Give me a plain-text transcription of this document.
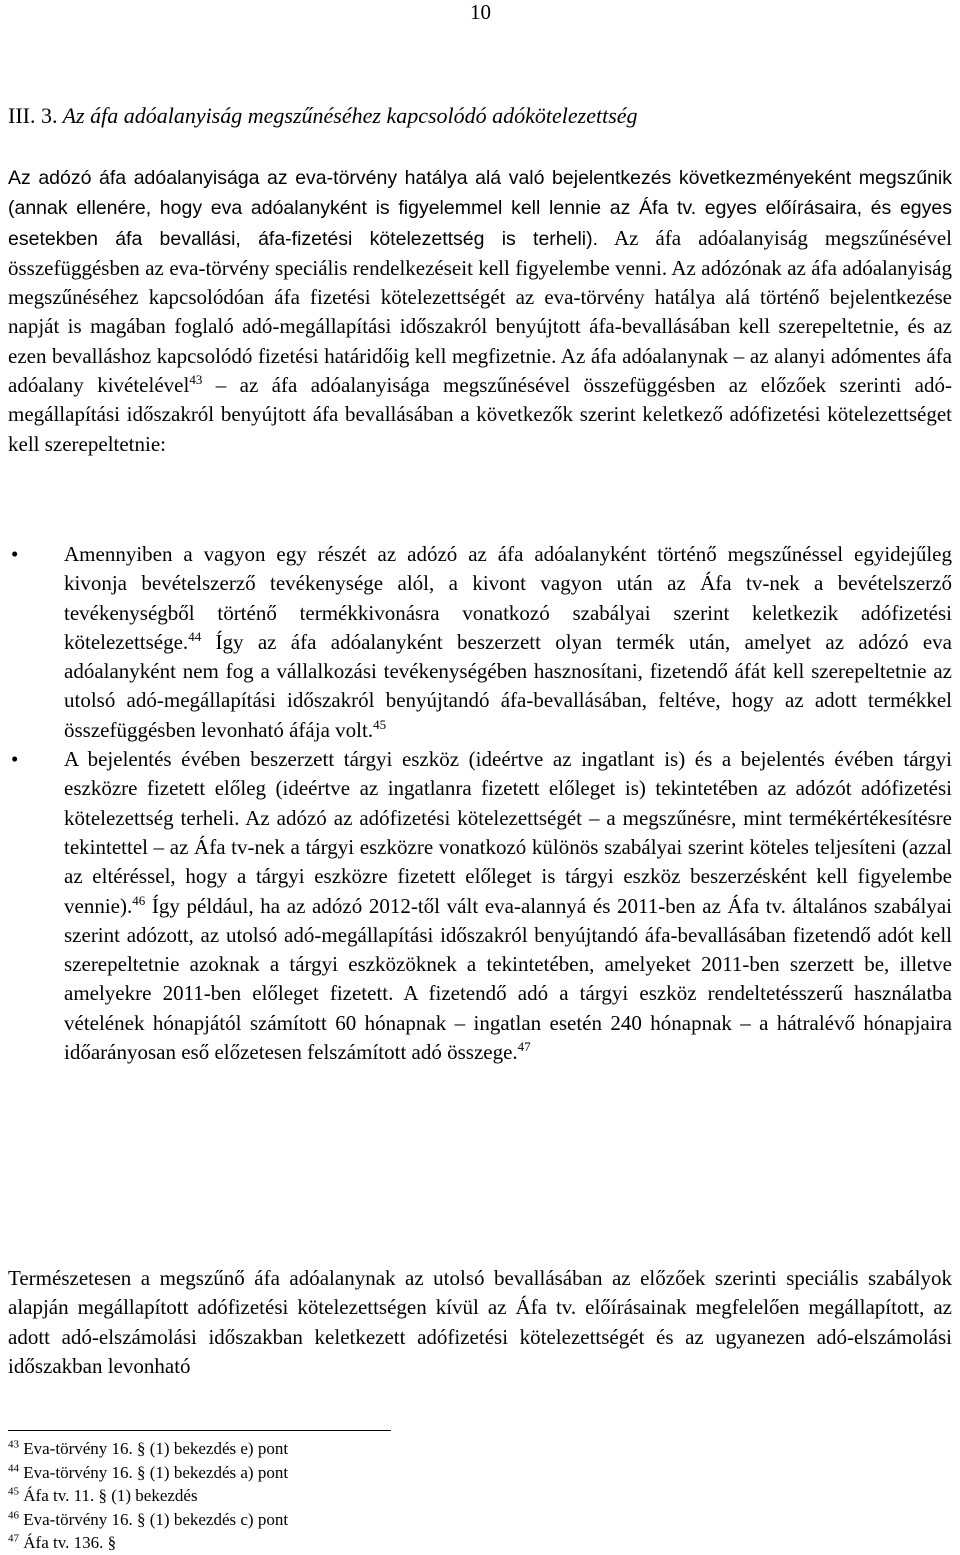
10
III. 3. Az áfa adóalanyiság megszűnéséhez kapcsolódó adókötelezettség
Az adózó áfa adóalanyisága az eva-törvény hatálya alá való bejelentkezés következményeként megszűnik (annak ellenére, hogy eva adóalanyként is figyelemmel kell lennie az Áfa tv. egyes előírásaira, és egyes esetekben áfa bevallási, áfa-fizetési kötelezettség is terheli). Az áfa adóalanyiság megszűnésével összefüggésben az eva-törvény speciális rendelkezéseit kell figyelembe venni. Az adózónak az áfa adóalanyiság megszűnéséhez kapcsolódóan áfa fizetési kötelezettségét az eva-törvény hatálya alá történő bejelentkezése napját is magában foglaló adó-megállapítási időszakról benyújtott áfa-bevallásában kell szerepeltetnie, és az ezen bevalláshoz kapcsolódó fizetési határidőig kell megfizetnie. Az áfa adóalanynak – az alanyi adómentes áfa adóalany kivételével$^{43}$ – az áfa adóalanyisága megszűnésével összefüggésben az előzőek szerinti adó-megállapítási időszakról benyújtott áfa bevallásában a következők szerint keletkező adófizetési kötelezettséget kell szerepeltetnie:
• Amennyiben a vagyon egy részét az adózó az áfa adóalanyként történő megszűnéssel egyidejűleg kivonja bevételszerző tevékenysége alól, a kivont vagyon után az Áfa tv-nek a bevételszerző tevékenységből történő termékkivonásra vonatkozó szabályai szerint keletkezik adófizetési kötelezettsége.$^{44}$ Így az áfa adóalanyként beszerzett olyan termék után, amelyet az adózó eva adóalanyként nem fog a vállalkozási tevékenységében hasznosítani, fizetendő áfát kell szerepeltetnie az utolsó adó-megállapítási időszakról benyújtandó áfa-bevallásában, feltéve, hogy az adott termékkel összefüggésben levonható áfája volt.$^{45}$
• A bejelentés évében beszerzett tárgyi eszköz (ideértve az ingatlant is) és a bejelentés évében tárgyi eszközre fizetett előleg (ideértve az ingatlanra fizetett előleget is) tekintetében az adózót adófizetési kötelezettség terheli. Az adózó az adófizetési kötelezettségét – a megszűnésre, mint termékértékesítésre tekintettel – az Áfa tv-nek a tárgyi eszközre vonatkozó különös szabályai szerint köteles teljesíteni (azzal az eltéréssel, hogy a tárgyi eszközre fizetett előleget is tárgyi eszköz beszerzésként kell figyelembe vennie).$^{46}$ Így például, ha az adózó 2012-től vált eva-alannyá és 2011-ben az Áfa tv. általános szabályai szerint adózott, az utolsó adó-megállapítási időszakról benyújtandó áfa-bevallásában fizetendő adót kell szerepeltetnie azoknak a tárgyi eszközöknek a tekintetében, amelyeket 2011-ben szerzett be, illetve amelyekre 2011-ben előleget fizetett. A fizetendő adó a tárgyi eszköz rendeltetésszerű használatba vételének hónapjától számított 60 hónapnak – ingatlan esetén 240 hónapnak – a hátralévő hónapjaira időarányosan eső előzetesen felszámított adó összege.$^{47}$
Természetesen a megszűnő áfa adóalanynak az utolsó bevallásában az előzőek szerinti speciális szabályok alapján megállapított adófizetési kötelezettségen kívül az Áfa tv. előírásainak megfelelően megállapított, az adott adó-elszámolási időszakban keletkezett adófizetési kötelezettségét és az ugyanezen adó-elszámolási időszakban levonható
$^{43}$ Eva-törvény 16. § (1) bekezdés e) pont
$^{44}$ Eva-törvény 16. § (1) bekezdés a) pont
$^{45}$ Áfa tv. 11. § (1) bekezdés
$^{46}$ Eva-törvény 16. § (1) bekezdés c) pont
$^{47}$ Áfa tv. 136. §
